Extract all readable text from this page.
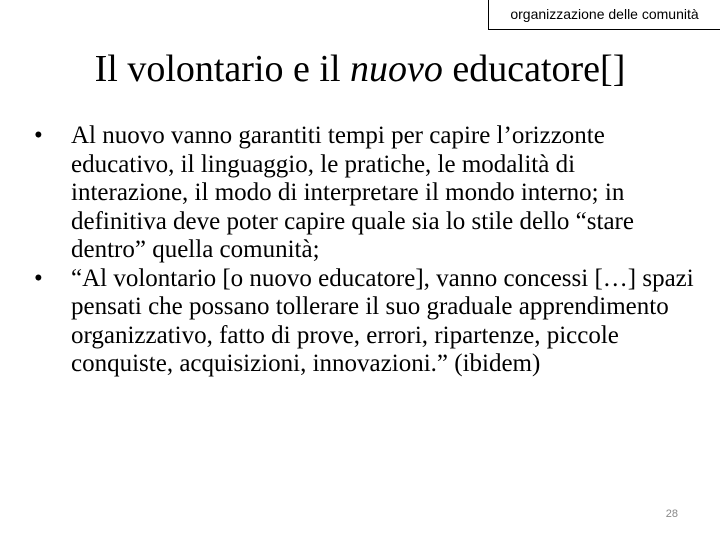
organizzazione delle comunità
Il volontario e il nuovo educatore[]
•	Al nuovo vanno garantiti tempi per capire l’orizzonte educativo, il linguaggio, le pratiche, le modalità di interazione, il modo di interpretare il mondo interno; in definitiva deve poter capire quale sia lo stile dello “stare dentro” quella comunità;
•	“Al volontario [o nuovo educatore], vanno concessi […] spazi pensati che possano tollerare il suo graduale apprendimento organizzativo, fatto di prove, errori, ripartenze, piccole conquiste, acquisizioni, innovazioni.” (ibidem)
28
